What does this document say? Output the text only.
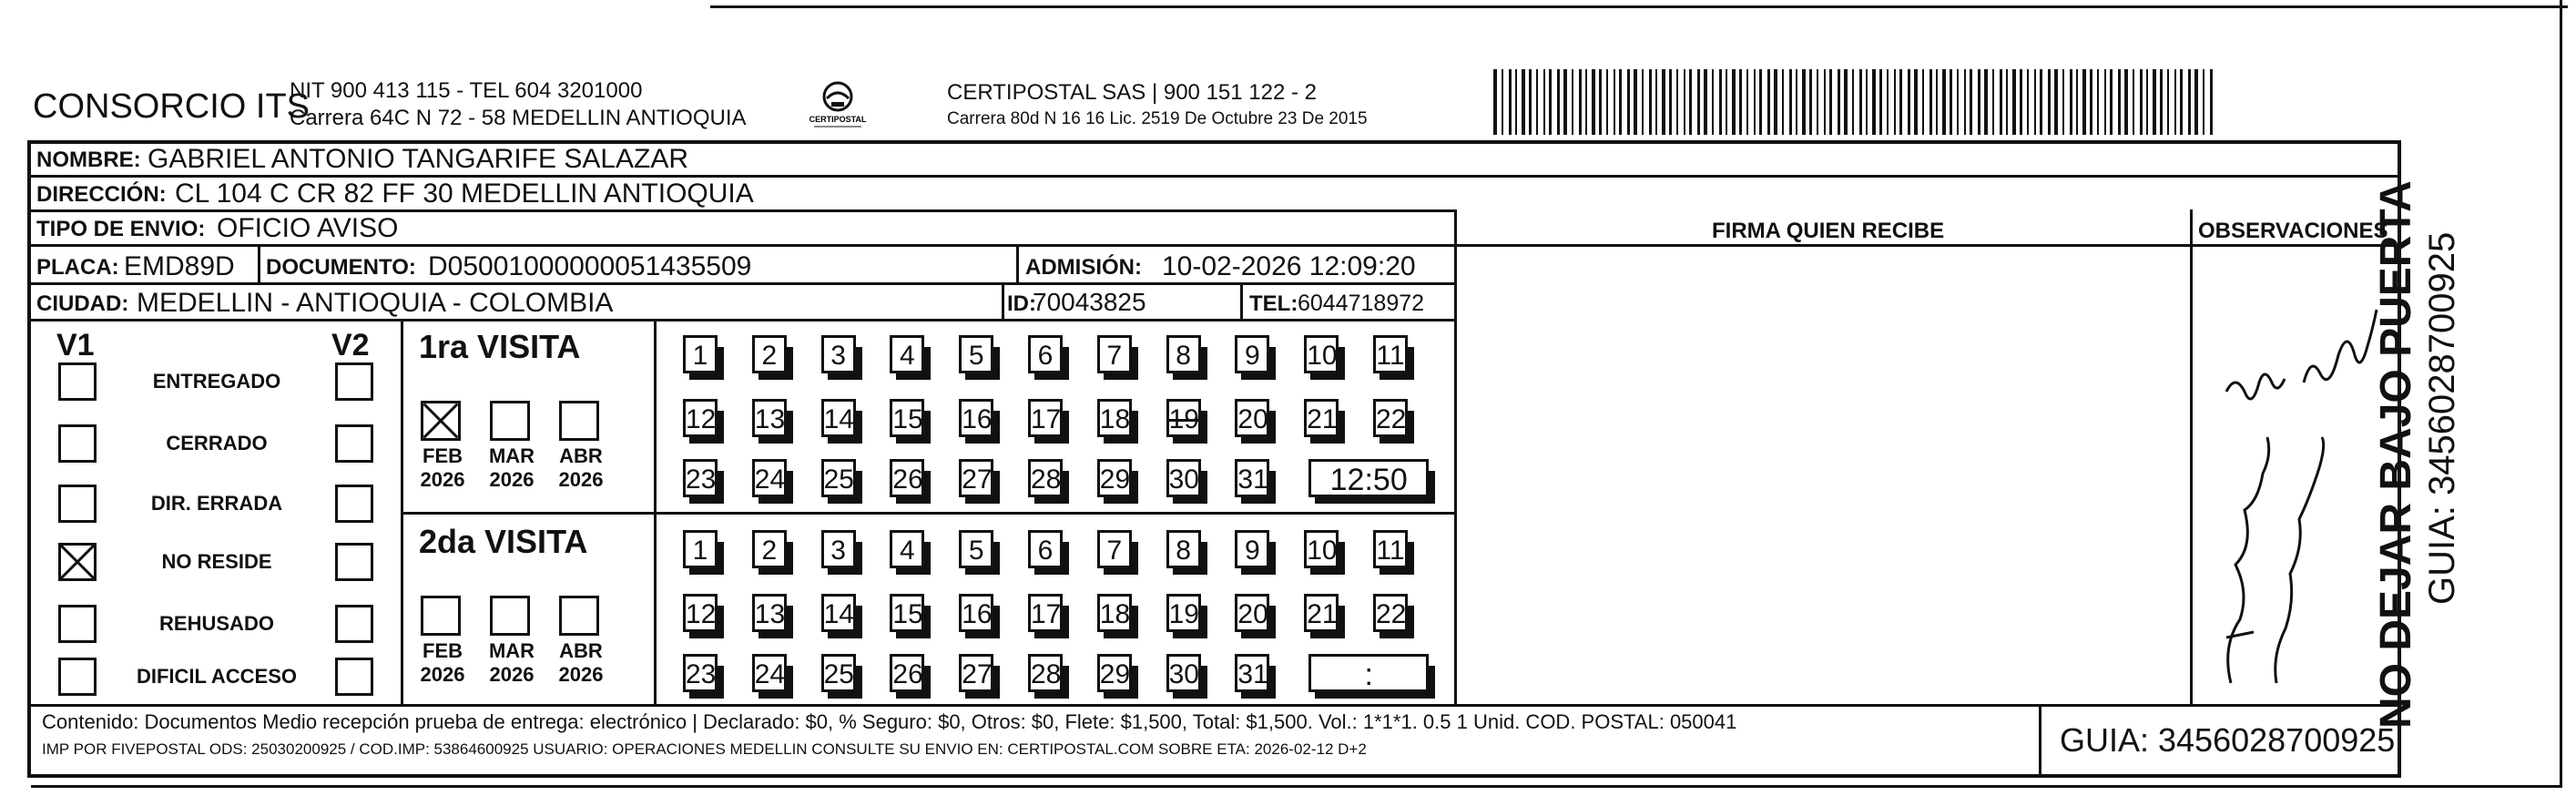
CONSORCIO ITS
NIT 900 413 115 - TEL 604 3201000
Carrera 64C N 72 - 58 MEDELLIN ANTIOQUIA	CERTIPOSTAL
CERTIPOSTAL SAS | 900 151 122 - 2
Carrera 80d N 16 16 Lic. 2519 De Octubre 23 De 2015
NOMBRE: GABRIEL ANTONIO TANGARIFE SALAZAR
DIRECCIÓN: CL 104 C CR 82 FF 30 MEDELLIN ANTIOQUIA
TIPO DE ENVIO: OFICIO AVISO	FIRMA QUIEN RECIBE	OBSERVACIONES
PLACA: EMD89D DOCUMENTO: D05001000000051435509	ADMISIÓN: 10-02-2026 12:09:20
CIUDAD: MEDELLIN - ANTIOQUIA - COLOMBIA	ID:
70043825	TEL: 6044718972
V1	V2
ENTREGADO
CERRADO
DIR. ERRADA
NO RESIDE
REHUSADO
DIFICIL ACCESO
1ra VISITA
FEB
2026
MAR
2026
ABR
2026
1	2	3	4	5	6	7	8	9	10 11
12 13 14 15 16 17 18 19 20 21 22
23 24 25 26 27 28 29 30 31	12:50
2da VISITA
FEB
2026
MAR
2026
ABR
2026
1	2	3	4	5	6	7	8	9	10 11
12 13 14 15 16 17 18 19 20 21 22
23 24 25 26 27 28 29 30 31	:
Contenido: Documentos Medio recepción prueba de entrega: electrónico | Declarado: $0, % Seguro: $0, Otros: $0, Flete: $1,500, Total: $1,500. Vol.: 1*1*1. 0.5 1 Unid. COD. POSTAL: 050041
IMP POR FIVEPOSTAL ODS: 25030200925 / COD.IMP: 53864600925 USUARIO: OPERACIONES MEDELLIN CONSULTE SU ENVIO EN: CERTIPOSTAL.COM SOBRE ETA: 2026-02-12 D+2	GUIA: 3456028700925
NO DEJAR BAJO PUERTA GUIA: 3456028700925
